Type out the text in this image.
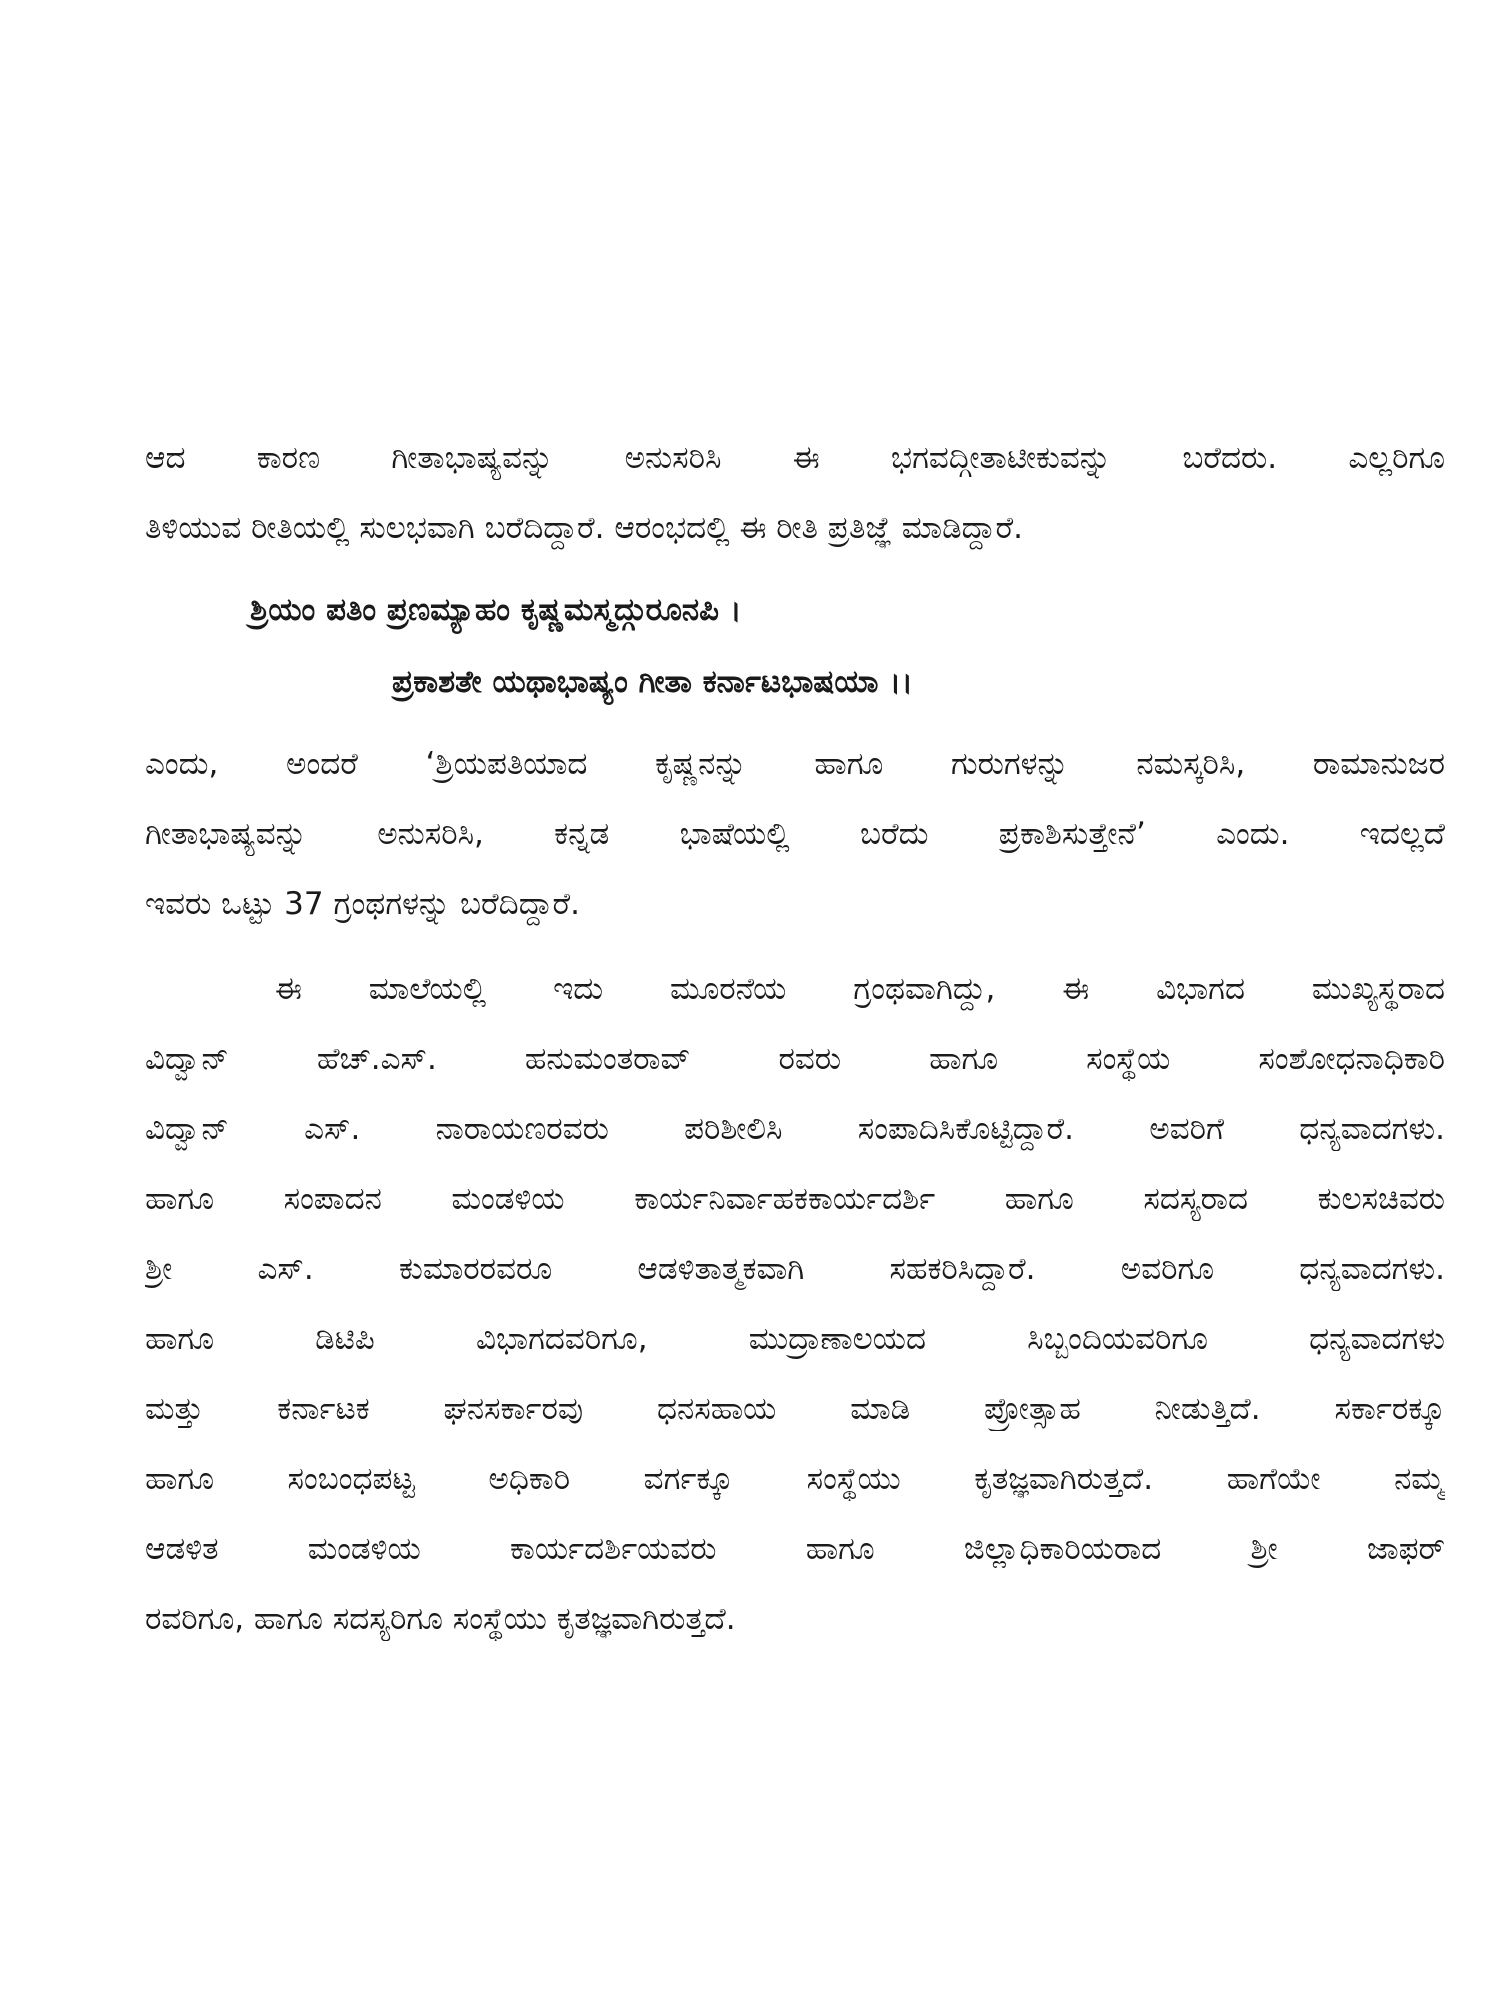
ಆದ ಕಾರಣ ಗೀತಾಭಾಷ್ಯವನ್ನು ಅನುಸರಿಸಿ ಈ ಭಗವದ್ಗೀತಾಟೀಕುವನ್ನು ಬರೆದರು. ಎಲ್ಲರಿಗೂ
ತಿಳಿಯುವ ರೀತಿಯಲ್ಲಿ ಸುಲಭವಾಗಿ ಬರೆದಿದ್ದಾರೆ. ಆರಂಭದಲ್ಲಿ ಈ ರೀತಿ ಪ್ರತಿಜ್ಞೆ ಮಾಡಿದ್ದಾರೆ.
ಶ್ರಿಯಂ ಪತಿಂ ಪ್ರಣಮ್ಯಾಹಂ ಕೃಷ್ಣಮಸ್ಮದ್ಗುರೂನಪಿ ।
ಪ್ರಕಾಶತೇ ಯಥಾಭಾಷ್ಯಂ ಗೀತಾ ಕರ್ನಾಟಭಾಷಯಾ ।।
ಎಂದು, ಅಂದರೆ ‘ಶ್ರಿಯಪತಿಯಾದ ಕೃಷ್ಣನನ್ನು ಹಾಗೂ ಗುರುಗಳನ್ನು ನಮಸ್ಕರಿಸಿ, ರಾಮಾನುಜರ
ಗೀತಾಭಾಷ್ಯವನ್ನು ಅನುಸರಿಸಿ, ಕನ್ನಡ ಭಾಷೆಯಲ್ಲಿ ಬರೆದು ಪ್ರಕಾಶಿಸುತ್ತೇನೆ’ ಎಂದು. ಇದಲ್ಲದೆ
ಇವರು ಒಟ್ಟು 37 ಗ್ರಂಥಗಳನ್ನು ಬರೆದಿದ್ದಾರೆ.
ಈ ಮಾಲೆಯಲ್ಲಿ ಇದು ಮೂರನೆಯ ಗ್ರಂಥವಾಗಿದ್ದು, ಈ ವಿಭಾಗದ ಮುಖ್ಯಸ್ಥರಾದ
ವಿದ್ವಾನ್ ಹೆಚ್.ಎಸ್. ಹನುಮಂತರಾವ್ ರವರು ಹಾಗೂ ಸಂಸ್ಥೆಯ ಸಂಶೋಧನಾಧಿಕಾರಿ
ವಿದ್ವಾನ್ ಎಸ್. ನಾರಾಯಣರವರು ಪರಿಶೀಲಿಸಿ ಸಂಪಾದಿಸಿಕೊಟ್ಟಿದ್ದಾರೆ. ಅವರಿಗೆ ಧನ್ಯವಾದಗಳು.
ಹಾಗೂ ಸಂಪಾದನ ಮಂಡಳಿಯ ಕಾರ್ಯನಿರ್ವಾಹಕಕಾರ್ಯದರ್ಶಿ ಹಾಗೂ ಸದಸ್ಯರಾದ ಕುಲಸಚಿವರು
ಶ್ರೀ ಎಸ್. ಕುಮಾರರವರೂ ಆಡಳಿತಾತ್ಮಕವಾಗಿ ಸಹಕರಿಸಿದ್ದಾರೆ. ಅವರಿಗೂ ಧನ್ಯವಾದಗಳು.
ಹಾಗೂ ಡಿಟಿಪಿ ವಿಭಾಗದವರಿಗೂ, ಮುದ್ರಾಣಾಲಯದ ಸಿಬ್ಬಂದಿಯವರಿಗೂ ಧನ್ಯವಾದಗಳು
ಮತ್ತು ಕರ್ನಾಟಕ ಘನಸರ್ಕಾರವು ಧನಸಹಾಯ ಮಾಡಿ ಪ್ರೋತ್ಸಾಹ ನೀಡುತ್ತಿದೆ. ಸರ್ಕಾರಕ್ಕೂ
ಹಾಗೂ ಸಂಬಂಧಪಟ್ಟ ಅಧಿಕಾರಿ ವರ್ಗಕ್ಕೂ ಸಂಸ್ಥೆಯು ಕೃತಜ್ಞವಾಗಿರುತ್ತದೆ. ಹಾಗೆಯೇ ನಮ್ಮ
ಆಡಳಿತ ಮಂಡಳಿಯ ಕಾರ್ಯದರ್ಶಿಯವರು ಹಾಗೂ ಜಿಲ್ಲಾಧಿಕಾರಿಯರಾದ ಶ್ರೀ ಜಾಫರ್
ರವರಿಗೂ, ಹಾಗೂ ಸದಸ್ಯರಿಗೂ ಸಂಸ್ಥೆಯು ಕೃತಜ್ಞವಾಗಿರುತ್ತದೆ.
